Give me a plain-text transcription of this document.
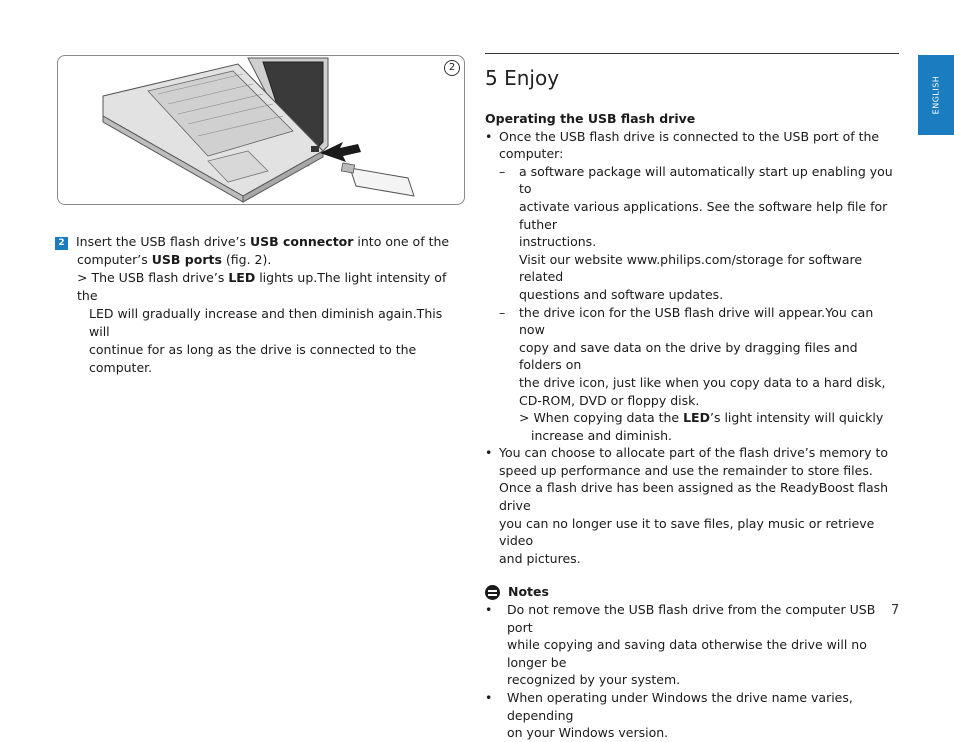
2
2 Insert the USB flash drive’s USB connector into one of the
computer’s USB ports (fig. 2).
> The USB flash drive’s LED lights up.The light intensity of the
LED will gradually increase and then diminish again.This will
continue for as long as the drive is connected to the computer.
5 Enjoy
Operating the USB flash drive
• Once the USB flash drive is connected to the USB port of the
computer:
– a software package will automatically start up enabling you to
activate various applications. See the software help file for futher
instructions.
Visit our website www.philips.com/storage for software related
questions and software updates.
– the drive icon for the USB flash drive will appear.You can now
copy and save data on the drive by dragging files and folders on
the drive icon, just like when you copy data to a hard disk,
CD-ROM, DVD or floppy disk.
> When copying data the LED’s light intensity will quickly
increase and diminish.
• You can choose to allocate part of the flash drive’s memory to
speed up performance and use the remainder to store files.
Once a flash drive has been assigned as the ReadyBoost flash drive
you can no longer use it to save files, play music or retrieve video
and pictures.
Notes
• Do not remove the USB flash drive from the computer USB port
while copying and saving data otherwise the drive will no longer be
recognized by your system.
• When operating under Windows the drive name varies, depending
on your Windows version.
ENGLISH
7
